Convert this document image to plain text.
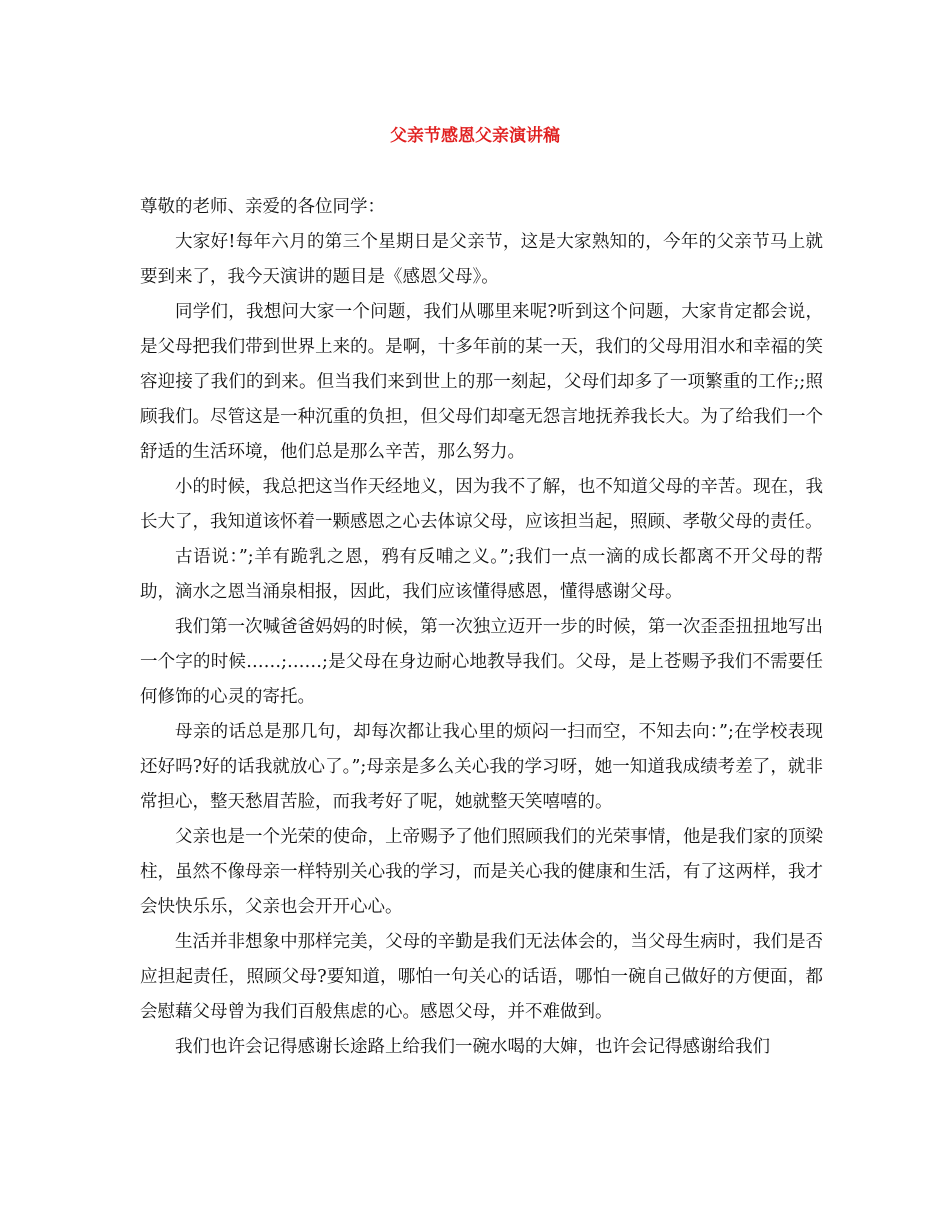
父亲节感恩父亲演讲稿

尊敬的老师、亲爱的各位同学：

大家好!每年六月的第三个星期日是父亲节，这是大家熟知的，今年的父亲节马上就要到来了，我今天演讲的题目是《感恩父母》。

同学们，我想问大家一个问题，我们从哪里来呢?听到这个问题，大家肯定都会说，是父母把我们带到世界上来的。是啊，十多年前的某一天，我们的父母用泪水和幸福的笑容迎接了我们的到来。但当我们来到世上的那一刻起，父母们却多了一项繁重的工作;;照顾我们。尽管这是一种沉重的负担，但父母们却毫无怨言地抚养我长大。为了给我们一个舒适的生活环境，他们总是那么辛苦，那么努力。

小的时候，我总把这当作天经地义，因为我不了解，也不知道父母的辛苦。现在，我长大了，我知道该怀着一颗感恩之心去体谅父母，应该担当起，照顾、孝敬父母的责任。

古语说：”;羊有跪乳之恩，鸦有反哺之义。”;我们一点一滴的成长都离不开父母的帮助，滴水之恩当涌泉相报，因此，我们应该懂得感恩，懂得感谢父母。

我们第一次喊爸爸妈妈的时候，第一次独立迈开一步的时候，第一次歪歪扭扭地写出一个字的时候……;……;是父母在身边耐心地教导我们。父母，是上苍赐予我们不需要任何修饰的心灵的寄托。

母亲的话总是那几句，却每次都让我心里的烦闷一扫而空，不知去向：”;在学校表现还好吗?好的话我就放心了。”;母亲是多么关心我的学习呀，她一知道我成绩考差了，就非常担心，整天愁眉苦脸，而我考好了呢，她就整天笑嘻嘻的。

父亲也是一个光荣的使命，上帝赐予了他们照顾我们的光荣事情，他是我们家的顶梁柱，虽然不像母亲一样特别关心我的学习，而是关心我的健康和生活，有了这两样，我才会快快乐乐，父亲也会开开心心。

生活并非想象中那样完美，父母的辛勤是我们无法体会的，当父母生病时，我们是否应担起责任，照顾父母?要知道，哪怕一句关心的话语，哪怕一碗自己做好的方便面，都会慰藉父母曾为我们百般焦虑的心。感恩父母，并不难做到。

我们也许会记得感谢长途路上给我们一碗水喝的大婶，也许会记得感谢给我们
